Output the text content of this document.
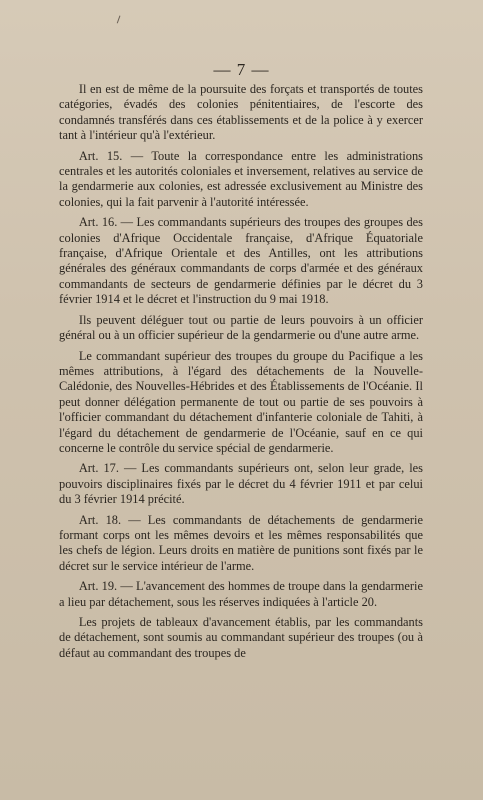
— 7 —

Il en est de même de la poursuite des forçats et transportés de toutes catégories, évadés des colonies pénitentiaires, de l'escorte des condamnés transférés dans ces établissements et de la police à y exercer tant à l'intérieur qu'à l'extérieur.

Art. 15. — Toute la correspondance entre les administrations centrales et les autorités coloniales et inversement, relatives au service de la gendarmerie aux colonies, est adressée exclusivement au Ministre des colonies, qui la fait parvenir à l'autorité intéressée.

Art. 16. — Les commandants supérieurs des troupes des groupes des colonies d'Afrique Occidentale française, d'Afrique Équatoriale française, d'Afrique Orientale et des Antilles, ont les attributions générales des généraux commandants de corps d'armée et des généraux commandants de secteurs de gendarmerie définies par le décret du 3 février 1914 et le décret et l'instruction du 9 mai 1918.

Ils peuvent déléguer tout ou partie de leurs pouvoirs à un officier général ou à un officier supérieur de la gendarmerie ou d'une autre arme.

Le commandant supérieur des troupes du groupe du Pacifique a les mêmes attributions, à l'égard des détachements de la Nouvelle-Calédonie, des Nouvelles-Hébrides et des Établissements de l'Océanie. Il peut donner délégation permanente de tout ou partie de ses pouvoirs à l'officier commandant du détachement d'infanterie coloniale de Tahiti, à l'égard du détachement de gendarmerie de l'Océanie, sauf en ce qui concerne le contrôle du service spécial de gendarmerie.

Art. 17. — Les commandants supérieurs ont, selon leur grade, les pouvoirs disciplinaires fixés par le décret du 4 février 1911 et par celui du 3 février 1914 précité.

Art. 18. — Les commandants de détachements de gendarmerie formant corps ont les mêmes devoirs et les mêmes responsabilités que les chefs de légion. Leurs droits en matière de punitions sont fixés par le décret sur le service intérieur de l'arme.

Art. 19. — L'avancement des hommes de troupe dans la gendarmerie a lieu par détachement, sous les réserves indiquées à l'article 20.

Les projets de tableaux d'avancement établis, par les commandants de détachement, sont soumis au commandant supérieur des troupes (ou à défaut au commandant des troupes de
